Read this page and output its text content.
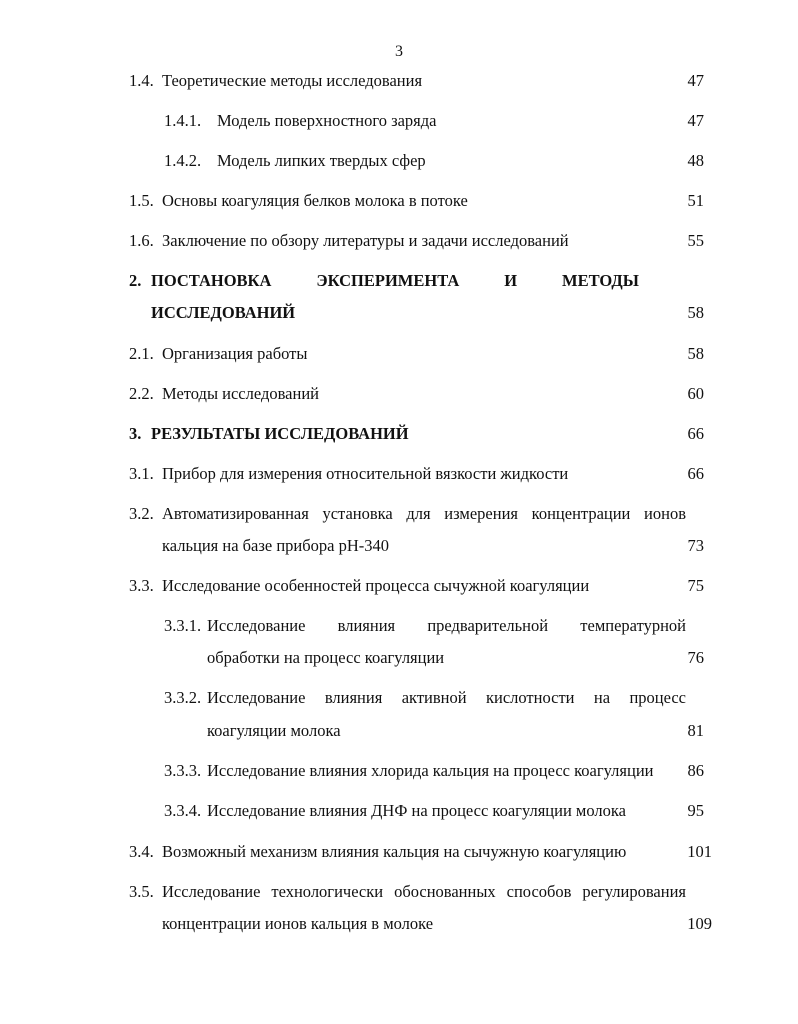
3
1.4. Теоретические методы исследования	47
1.4.1. Модель поверхностного заряда	47
1.4.2. Модель липких твердых сфер	48
1.5. Основы коагуляция белков молока в потоке	51
1.6. Заключение по обзору литературы и задачи исследований	55
2. ПОСТАНОВКА ЭКСПЕРИМЕНТА И МЕТОДЫ
ИССЛЕДОВАНИЙ	58
2.1. Организация работы	58
2.2. Методы исследований	60
3. РЕЗУЛЬТАТЫ ИССЛЕДОВАНИЙ	66
3.1. Прибор для измерения относительной вязкости жидкости	66
3.2. Автоматизированная установка для измерения концентрации ионов
кальция на базе прибора pH-340	73
3.3. Исследование особенностей процесса сычужной коагуляции	75
3.3.1. Исследование влияния предварительной температурной
обработки на процесс коагуляции	76
3.3.2. Исследование влияния активной кислотности на процесс
коагуляции молока	81
3.3.3. Исследование влияния хлорида кальция на процесс коагуляции	86
3.3.4. Исследование влияния ДНФ на процесс коагуляции молока	95
3.4. Возможный механизм влияния кальция на сычужную коагуляцию	101
3.5. Исследование технологически обоснованных способов регулирования
концентрации ионов кальция в молоке	109
